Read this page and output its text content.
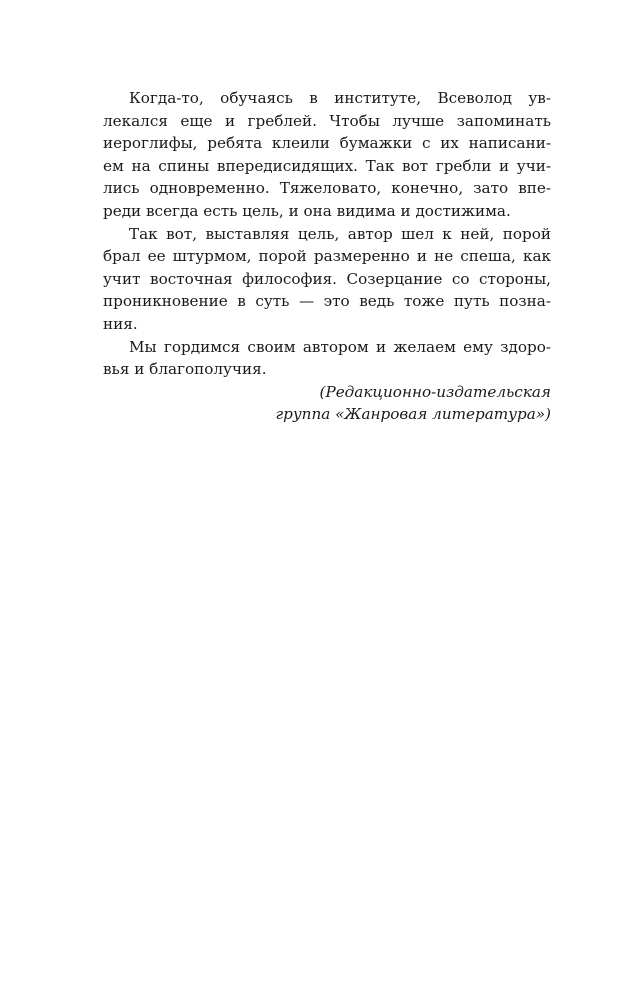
Когда-то, обучаясь в институте, Всеволод ув-
лекался еще и греблей. Чтобы лучше запоминать
иероглифы, ребята клеили бумажки с их написани-
ем на спины впередисидящих. Так вот гребли и учи-
лись одновременно. Тяжеловато, конечно, зато впе-
реди всегда есть цель, и она видима и достижима.
Так вот, выставляя цель, автор шел к ней, порой
брал ее штурмом, порой размеренно и не спеша, как
учит восточная философия. Созерцание со стороны,
проникновение в суть — это ведь тоже путь позна-
ния.
Мы гордимся своим автором и желаем ему здоро-
вья и благополучия.
(Редакционно-издательская
группа «Жанровая литература»)
